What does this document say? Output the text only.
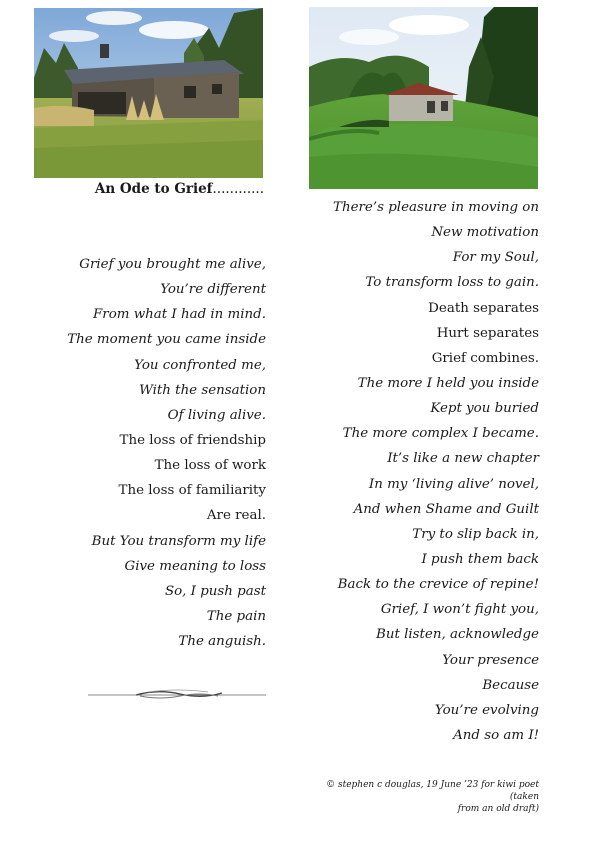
An Ode to Grief............
Grief you brought me alive,
You’re different
From what I had in mind.
The moment you came inside
You confronted me,
With the sensation
Of living alive.
The loss of friendship
The loss of work
The loss of familiarity
Are real.
But You transform my life
Give meaning to loss
So, I push past
The pain
The anguish.
There’s pleasure in moving on
New motivation
For my Soul,
To transform loss to gain.
Death separates
Hurt separates
Grief combines.
The more I held you inside
Kept you buried
The more complex I became.
It’s like a new chapter
In my ‘living alive’ novel,
And when Shame and Guilt
Try to slip back in,
I push them back
Back to the crevice of repine!
Grief, I won’t fight you,
But listen, acknowledge
Your presence
Because
You’re evolving
And so am I!
© stephen c douglas, 19 June ’23 for kiwi poet (taken
from an old draft)
